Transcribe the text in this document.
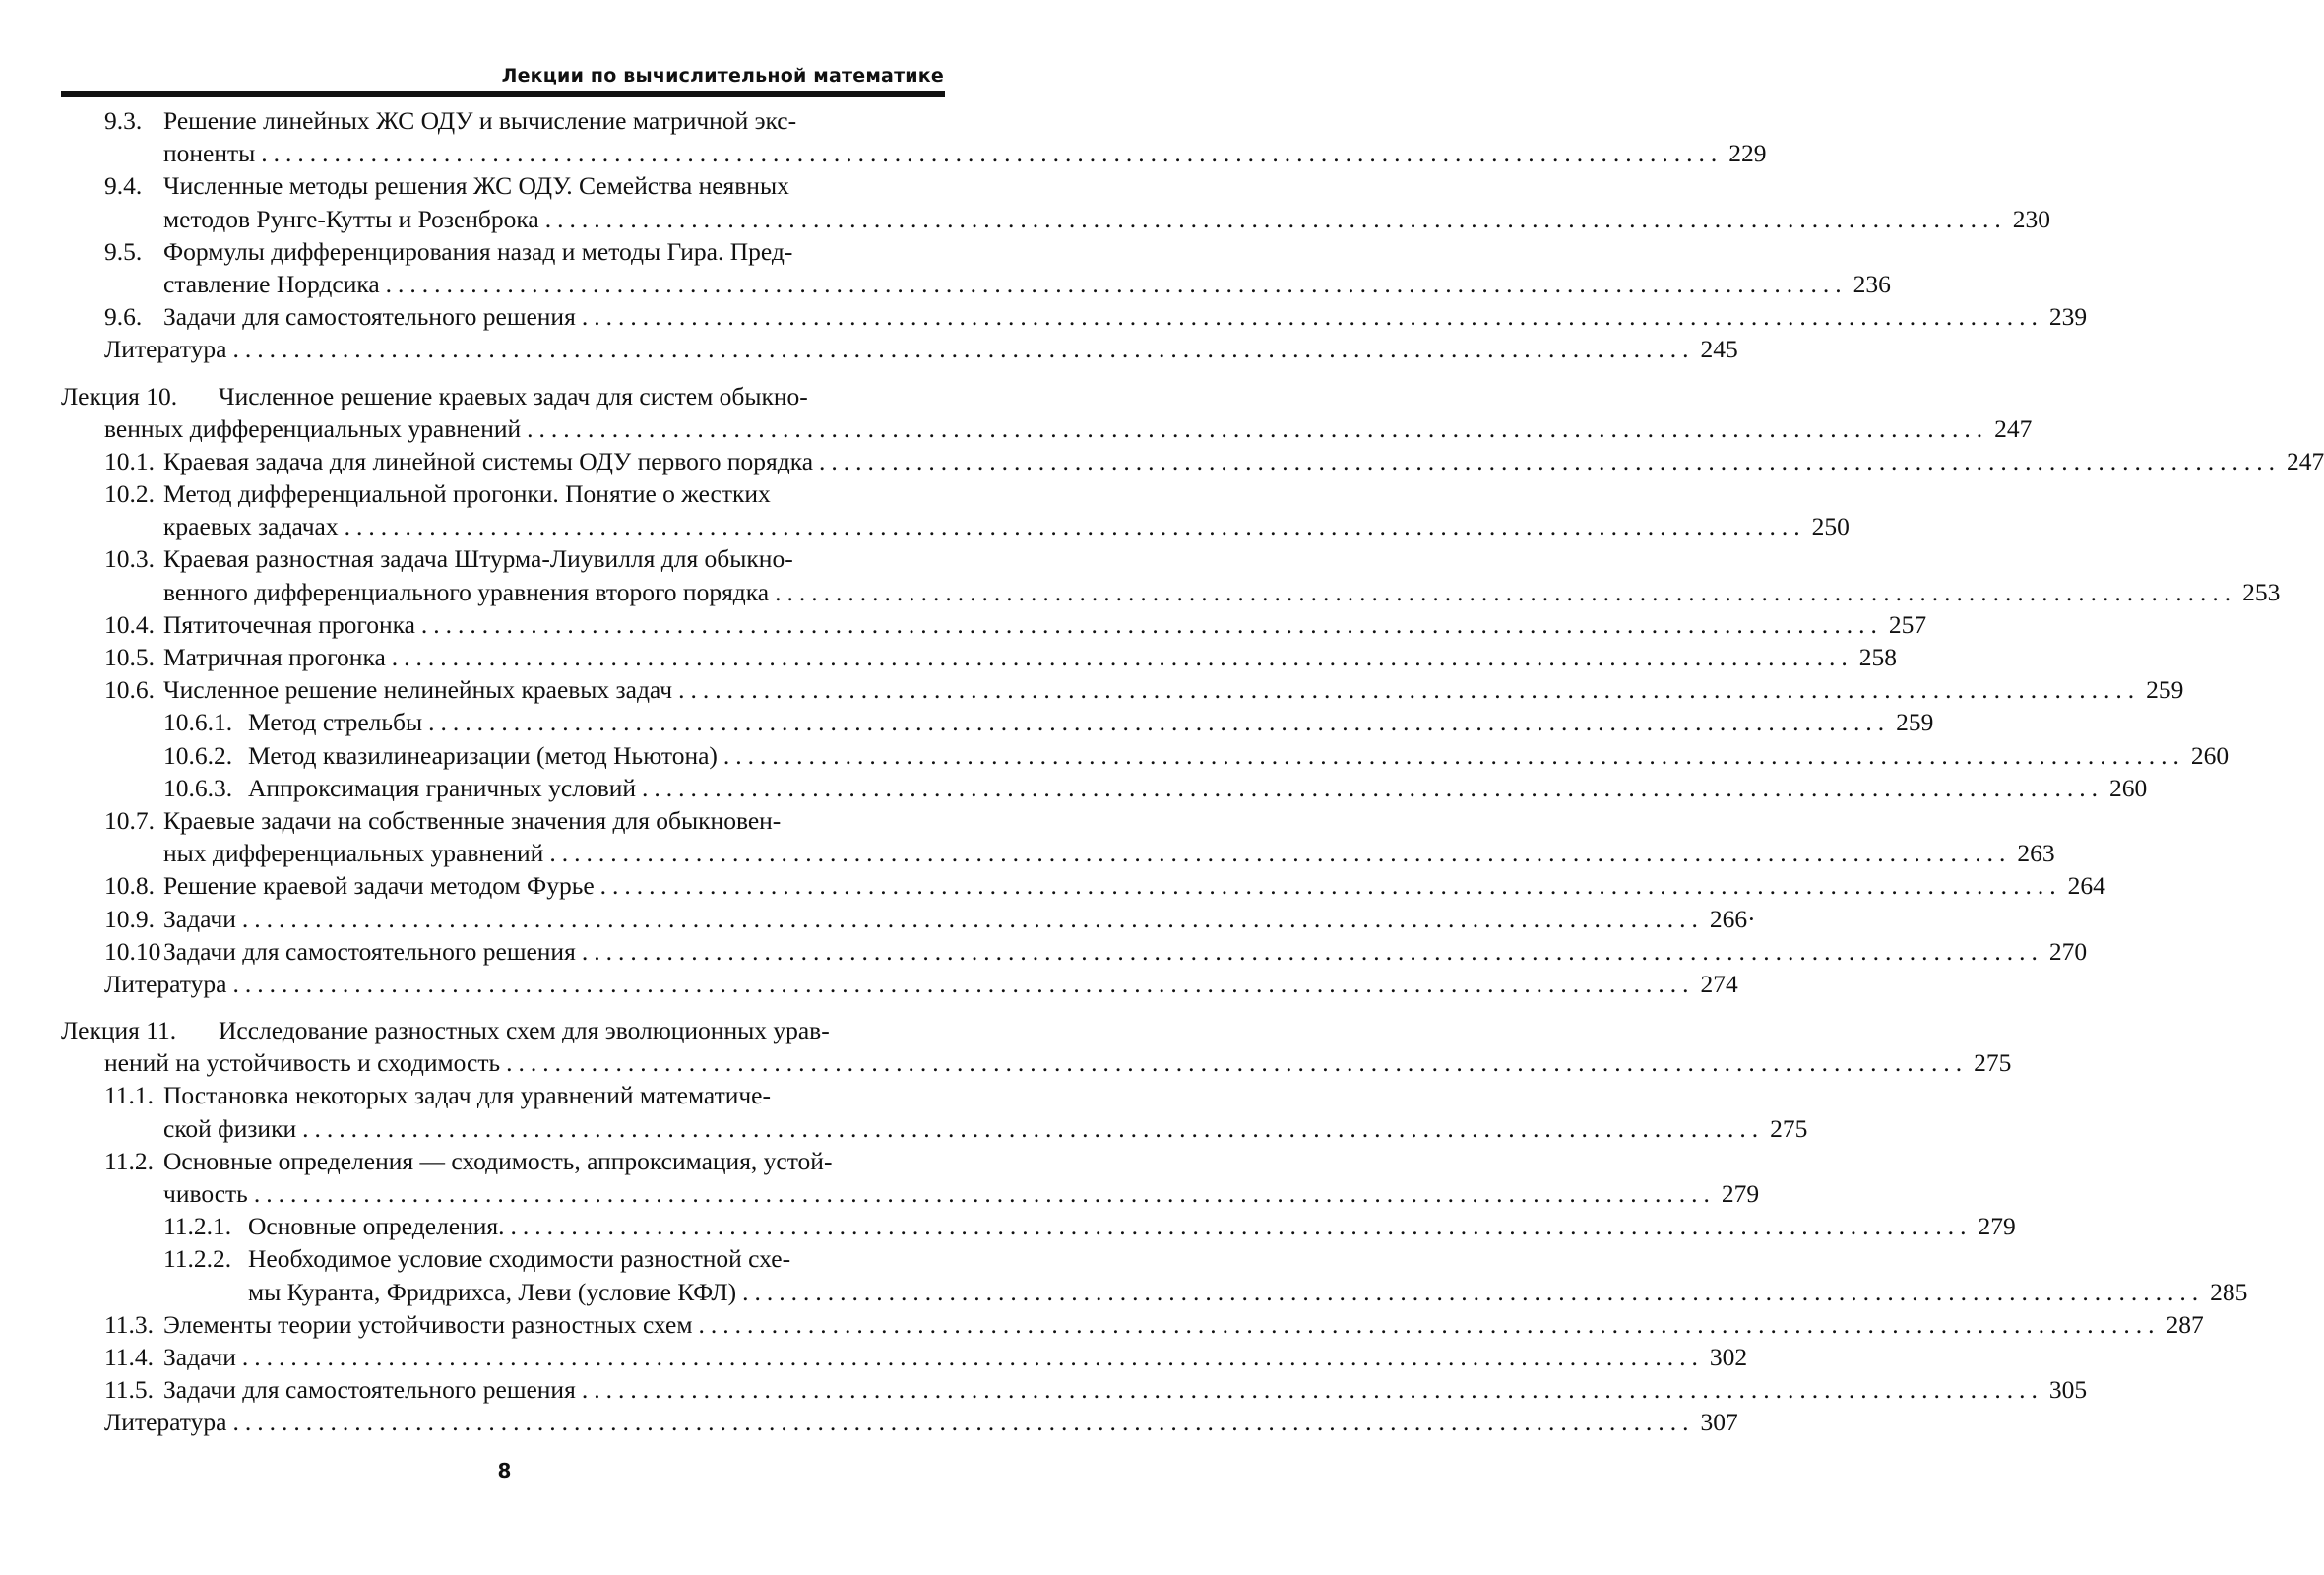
Лекции по вычислительной математике
9.3. Решение линейных ЖС ОДУ и вычисление матричной экс-
поненты ........................................................................................................................ 229
9.4. Численные методы решения ЖС ОДУ. Семейства неявных
методов Рунге-Кутты и Розенброка ........................................................................................................................ 230
9.5. Формулы дифференцирования назад и методы Гира. Пред-
ставление Нордсика ........................................................................................................................ 236
9.6. Задачи для самостоятельного решения ........................................................................................................................ 239
Литература ........................................................................................................................ 245
Лекция 10. Численное решение краевых задач для систем обыкно-
венных дифференциальных уравнений ........................................................................................................................ 247
10.1. Краевая задача для линейной системы ОДУ первого порядка ........................................................................................................................ 247
10.2. Метод дифференциальной прогонки. Понятие о жестких
краевых задачах ........................................................................................................................ 250
10.3. Краевая разностная задача Штурма-Лиувилля для обыкно-
венного дифференциального уравнения второго порядка ........................................................................................................................ 253
10.4. Пятиточечная прогонка ........................................................................................................................ 257
10.5. Матричная прогонка ........................................................................................................................ 258
10.6. Численное решение нелинейных краевых задач ........................................................................................................................ 259
10.6.1. Метод стрельбы ........................................................................................................................ 259
10.6.2. Метод квазилинеаризации (метод Ньютона) ........................................................................................................................ 260
10.6.3. Аппроксимация граничных условий ........................................................................................................................ 260
10.7. Краевые задачи на собственные значения для обыкновен-
ных дифференциальных уравнений ........................................................................................................................ 263
10.8. Решение краевой задачи методом Фурье ........................................................................................................................ 264
10.9. Задачи ........................................................................................................................ 266·
10.10 Задачи для самостоятельного решения ........................................................................................................................ 270
Литература ........................................................................................................................ 274
Лекция 11. Исследование разностных схем для эволюционных урав-
нений на устойчивость и сходимость ........................................................................................................................ 275
11.1. Постановка некоторых задач для уравнений математиче-
ской физики ........................................................................................................................ 275
11.2. Основные определения — сходимость, аппроксимация, устой-
чивость ........................................................................................................................ 279
11.2.1. Основные определения. ........................................................................................................................ 279
11.2.2. Необходимое условие сходимости разностной схе-
мы Куранта, Фридрихса, Леви (условие КФЛ) ........................................................................................................................ 285
11.3. Элементы теории устойчивости разностных схем ........................................................................................................................ 287
11.4. Задачи ........................................................................................................................ 302
11.5. Задачи для самостоятельного решения ........................................................................................................................ 305
Литература ........................................................................................................................ 307
8
